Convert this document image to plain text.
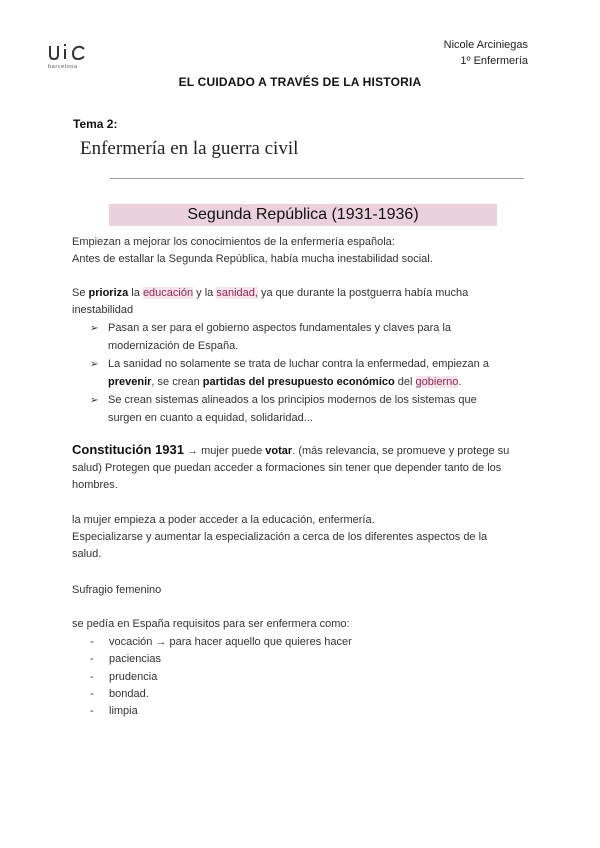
barcelona
Nicole Arciniegas
1º Enfermería
EL CUIDADO A TRAVÉS DE LA HISTORIA
Tema 2:
Enfermería en la guerra civil
Segunda República (1931-1936)
Empiezan a mejorar los conocimientos de la enfermería española:
Antes de estallar la Segunda República, había mucha inestabilidad social.
Se prioriza la educación y la sanidad, ya que durante la postguerra había mucha inestabilidad
➢ Pasan a ser para el gobierno aspectos fundamentales y claves para la modernización de España.
➢ La sanidad no solamente se trata de luchar contra la enfermedad, empiezan a prevenir, se crean partidas del presupuesto económico del gobierno.
➢ Se crean sistemas alineados a los principios modernos de los sistemas que surgen en cuanto a equidad, solidaridad...
Constitución 1931 → mujer puede votar. (más relevancia, se promueve y protege su salud) Protegen que puedan acceder a formaciones sin tener que depender tanto de los hombres.
la mujer empieza a poder acceder a la educación, enfermería.
Especializarse y aumentar la especialización a cerca de los diferentes aspectos de la salud.
Sufragio femenino
se pedía en España requisitos para ser enfermera como:
- vocación → para hacer aquello que quieres hacer
- paciencias
- prudencia
- bondad.
- limpia
